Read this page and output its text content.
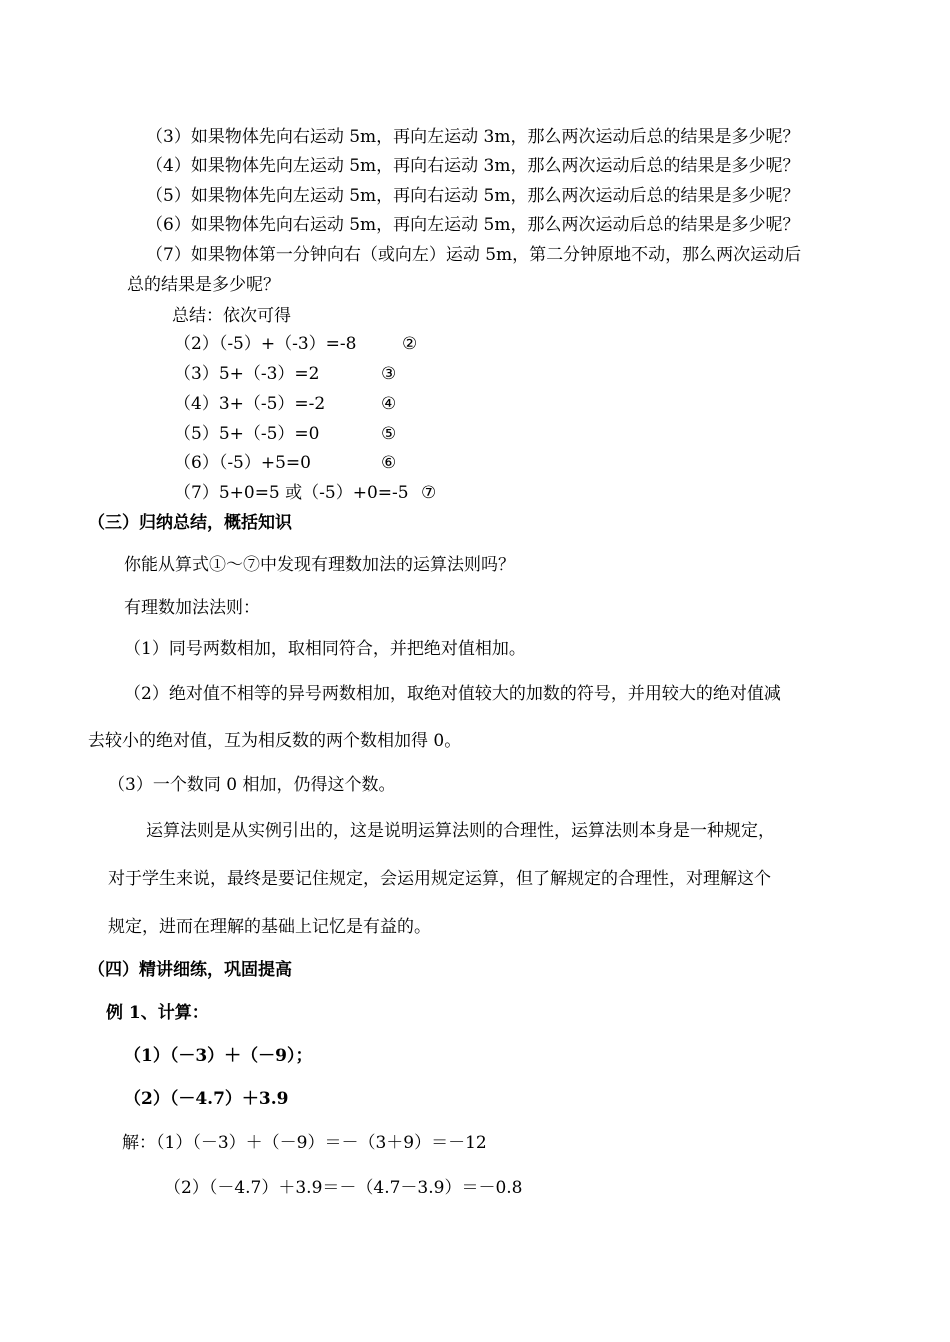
（3）如果物体先向右运动 5m，再向左运动 3m，那么两次运动后总的结果是多少呢？
（4）如果物体先向左运动 5m，再向右运动 3m，那么两次运动后总的结果是多少呢？
（5）如果物体先向左运动 5m，再向右运动 5m，那么两次运动后总的结果是多少呢？
（6）如果物体先向右运动 5m，再向左运动 5m，那么两次运动后总的结果是多少呢？
（7）如果物体第一分钟向右（或向左）运动 5m，第二分钟原地不动，那么两次运动后
总的结果是多少呢？
总结：依次可得
（2）（-5）+（-3）=-8	②
（3）5+（-3）=2	③
（4）3+（-5）=-2	④
（5）5+（-5）=0	⑤
（6）（-5）+5=0	⑥
（7）5+0=5 或（-5）+0=-5 ⑦
（三）归纳总结，概括知识
你能从算式①～⑦中发现有理数加法的运算法则吗？
有理数加法法则：
（1）同号两数相加，取相同符合，并把绝对值相加。
（2）绝对值不相等的异号两数相加，取绝对值较大的加数的符号，并用较大的绝对值减
去较小的绝对值，互为相反数的两个数相加得 0。
（3）一个数同 0 相加，仍得这个数。
运算法则是从实例引出的，这是说明运算法则的合理性，运算法则本身是一种规定，
对于学生来说，最终是要记住规定，会运用规定运算，但了解规定的合理性，对理解这个
规定，进而在理解的基础上记忆是有益的。
（四）精讲细练，巩固提高
例 1、计算：
（1）（－3）＋（－9）；
（2）（－4.7）＋3.9
解：（1）（－3）＋（－9）＝－（3＋9）＝－12
（2）（－4.7）＋3.9＝－（4.7－3.9）＝－0.8
